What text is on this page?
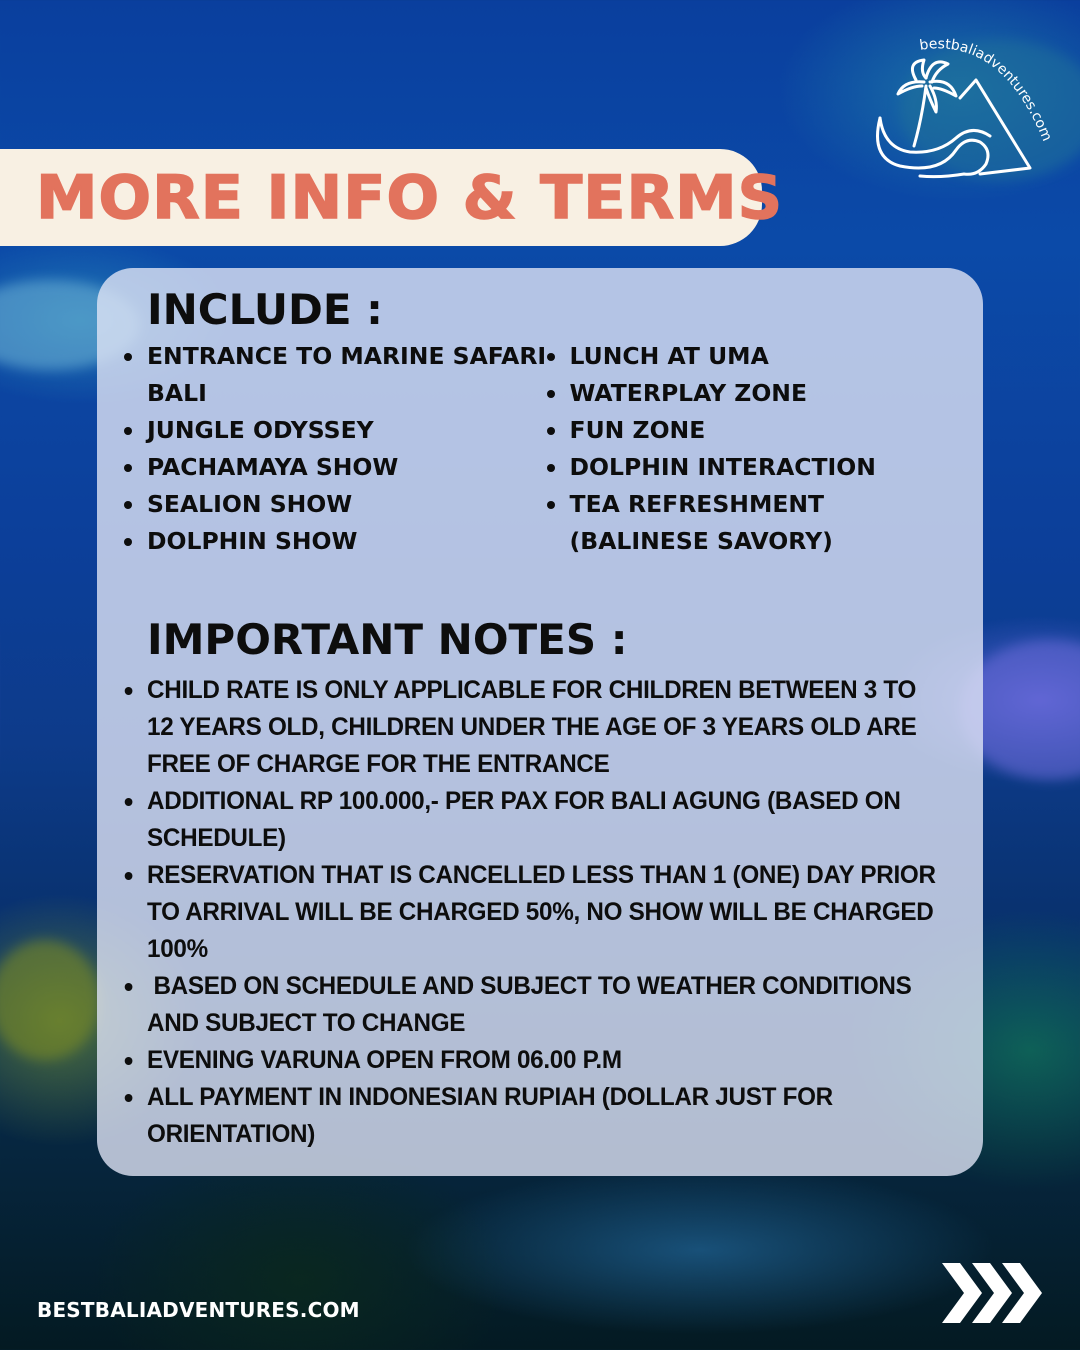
bestbaliadventures.com
MORE INFO & TERMS
INCLUDE :
ENTRANCE TO MARINE SAFARI BALI
JUNGLE ODYSSEY
PACHAMAYA SHOW
SEALION SHOW
DOLPHIN SHOW
LUNCH AT UMA
WATERPLAY ZONE
FUN ZONE
DOLPHIN INTERACTION
TEA REFRESHMENT (BALINESE SAVORY)
IMPORTANT NOTES :
CHILD RATE IS ONLY APPLICABLE FOR CHILDREN BETWEEN 3 TO 12 YEARS OLD, CHILDREN UNDER THE AGE OF 3 YEARS OLD ARE FREE OF CHARGE FOR THE ENTRANCE
ADDITIONAL RP 100.000,- PER PAX FOR BALI AGUNG (BASED ON SCHEDULE)
RESERVATION THAT IS CANCELLED LESS THAN 1 (ONE) DAY PRIOR TO ARRIVAL WILL BE CHARGED 50%, NO SHOW WILL BE CHARGED 100%
BASED ON SCHEDULE AND SUBJECT TO WEATHER CONDITIONS AND SUBJECT TO CHANGE
EVENING VARUNA OPEN FROM 06.00 P.M
ALL PAYMENT IN INDONESIAN RUPIAH (DOLLAR JUST FOR ORIENTATION)
BESTBALIADVENTURES.COM
